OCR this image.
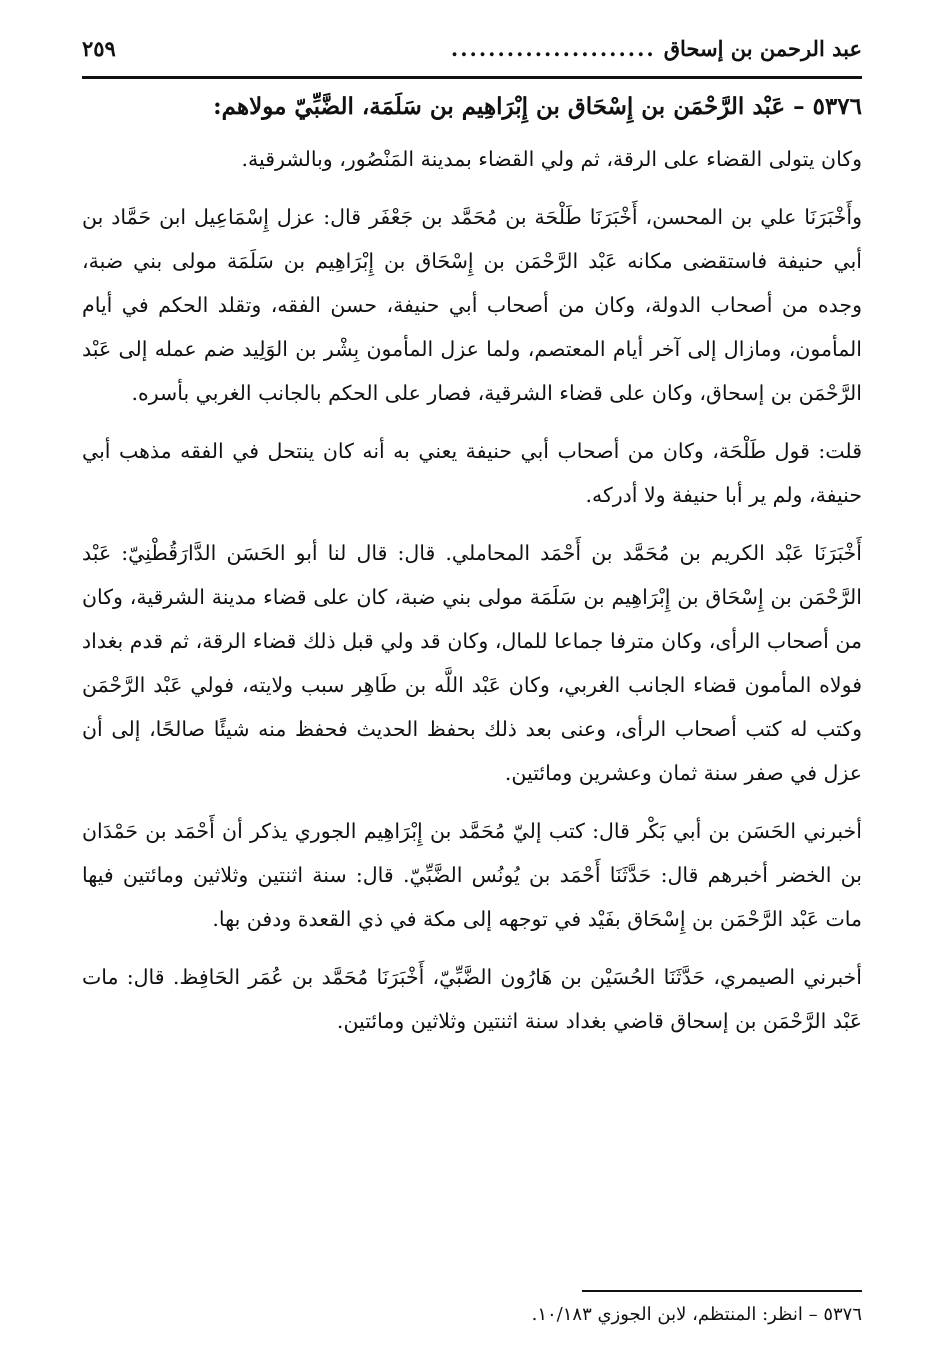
عبد الرحمن بن إسحاق
......................
٢٥٩
٥٣٧٦ – عَبْد الرَّحْمَن بن إِسْحَاق بن إِبْرَاهِيم بن سَلَمَة، الضَّبِّيّ مولاهم:

وكان يتولى القضاء على الرقة، ثم ولي القضاء بمدينة المَنْصُور، وبالشرقية.

وأَخْبَرَنَا علي بن المحسن، أَخْبَرَنَا طَلْحَة بن مُحَمَّد بن جَعْفَر قال: عزل إِسْمَاعِيل ابن حَمَّاد بن أبي حنيفة فاستقضى مكانه عَبْد الرَّحْمَن بن إِسْحَاق بن إِبْرَاهِيم بن سَلَمَة مولى بني ضبة، وجده من أصحاب الدولة، وكان من أصحاب أبي حنيفة، حسن الفقه، وتقلد الحكم في أيام المأمون، ومازال إلى آخر أيام المعتصم، ولما عزل المأمون بِشْر بن الوَلِيد ضم عمله إلى عَبْد الرَّحْمَن بن إسحاق، وكان على قضاء الشرقية، فصار على الحكم بالجانب الغربي بأسره.

قلت: قول طَلْحَة، وكان من أصحاب أبي حنيفة يعني به أنه كان ينتحل في الفقه مذهب أبي حنيفة، ولم ير أبا حنيفة ولا أدركه.

أَخْبَرَنَا عَبْد الكريم بن مُحَمَّد بن أَحْمَد المحاملي. قال: قال لنا أبو الحَسَن الدَّارَقُطْنِيّ: عَبْد الرَّحْمَن بن إِسْحَاق بن إِبْرَاهِيم بن سَلَمَة مولى بني ضبة، كان على قضاء مدينة الشرقية، وكان من أصحاب الرأى، وكان مترفا جماعا للمال، وكان قد ولي قبل ذلك قضاء الرقة، ثم قدم بغداد فولاه المأمون قضاء الجانب الغربي، وكان عَبْد اللَّه بن طَاهِر سبب ولايته، فولي عَبْد الرَّحْمَن وكتب له كتب أصحاب الرأى، وعنى بعد ذلك بحفظ الحديث فحفظ منه شيئًا صالحًا، إلى أن عزل في صفر سنة ثمان وعشرين ومائتين.

أخبرني الحَسَن بن أبي بَكْر قال: كتب إليّ مُحَمَّد بن إِبْرَاهِيم الجوري يذكر أن أَحْمَد بن حَمْدَان بن الخضر أخبرهم قال: حَدَّثَنَا أَحْمَد بن يُونُس الضَّبِّيّ. قال: سنة اثنتين وثلاثين ومائتين فيها مات عَبْد الرَّحْمَن بن إِسْحَاق بفَيْد في توجهه إلى مكة في ذي القعدة ودفن بها.

أخبرني الصيمري، حَدَّثَنَا الحُسَيْن بن هَارُون الضَّبِّيّ، أَخْبَرَنَا مُحَمَّد بن عُمَر الحَافِظ. قال: مات عَبْد الرَّحْمَن بن إسحاق قاضي بغداد سنة اثنتين وثلاثين ومائتين.

٥٣٧٦ – انظر: المنتظم، لابن الجوزي ١٠/١٨٣.
